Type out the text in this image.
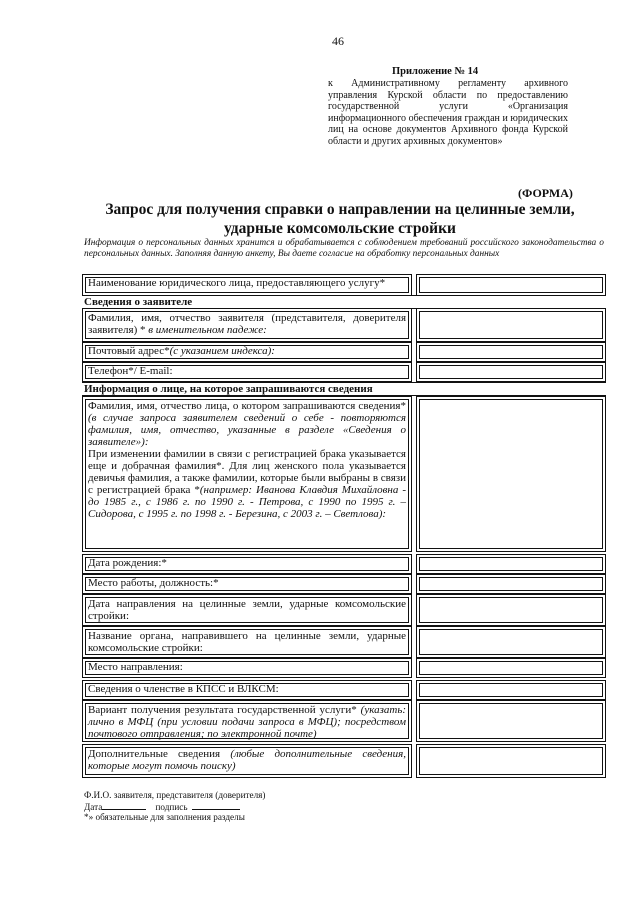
46
Приложение № 14
к Административному регламенту архивного управления Курской области по предоставлению государственной услуги «Организация информационного обеспечения граждан и юридических лиц на основе документов Архивного фонда Курской области и других архивных документов»
(ФОРМА)
Запрос для получения справки о направлении на целинные земли,
ударные комсомольские стройки
Информация о персональных данных хранится и обрабатывается с соблюдением требований российского законодательства о персональных данных. Заполняя данную анкету, Вы даете согласие на обработку персональных данных
Наименование юридического лица, предоставляющего услугу*
Сведения о заявителе
Фамилия, имя, отчество заявителя (представителя, доверителя заявителя) * в именительном падеже:
Почтовый адрес*(с указанием индекса):
Телефон*/ E-mail:
Информация о лице, на которое запрашиваются сведения
Фамилия, имя, отчество лица, о котором запрашиваются сведения* (в случае запроса заявителем сведений о себе - повторяются фамилия, имя, отчество, указанные в разделе «Сведения о заявителе»):
При изменении фамилии в связи с регистрацией брака указывается еще и добрачная фамилия*. Для лиц женского пола указывается девичья фамилия, а также фамилии, которые были выбраны в связи с регистрацией брака *(например: Иванова Клавдия Михайловна - до 1985 г., с 1986 г. по 1990 г. - Петрова, с 1990 по 1995 г. – Сидорова, с 1995 г. по 1998 г. - Березина, с 2003 г. – Светлова):
Дата рождения:*
Место работы, должность:*
Дата направления на целинные земли, ударные комсомольские стройки:
Название органа, направившего на целинные земли, ударные комсомольские стройки:
Место направления:
Сведения о членстве в КПСС и ВЛКСМ:
Вариант получения результата государственной услуги* (указать: лично в МФЦ (при условии подачи запроса в МФЦ); посредством почтового отправления; по электронной почте)
Дополнительные сведения (любые дополнительные сведения, которые могут помочь поиску)
Ф.И.О. заявителя, представителя (доверителя)
Дата	подпись
*» обязательные для заполнения разделы
